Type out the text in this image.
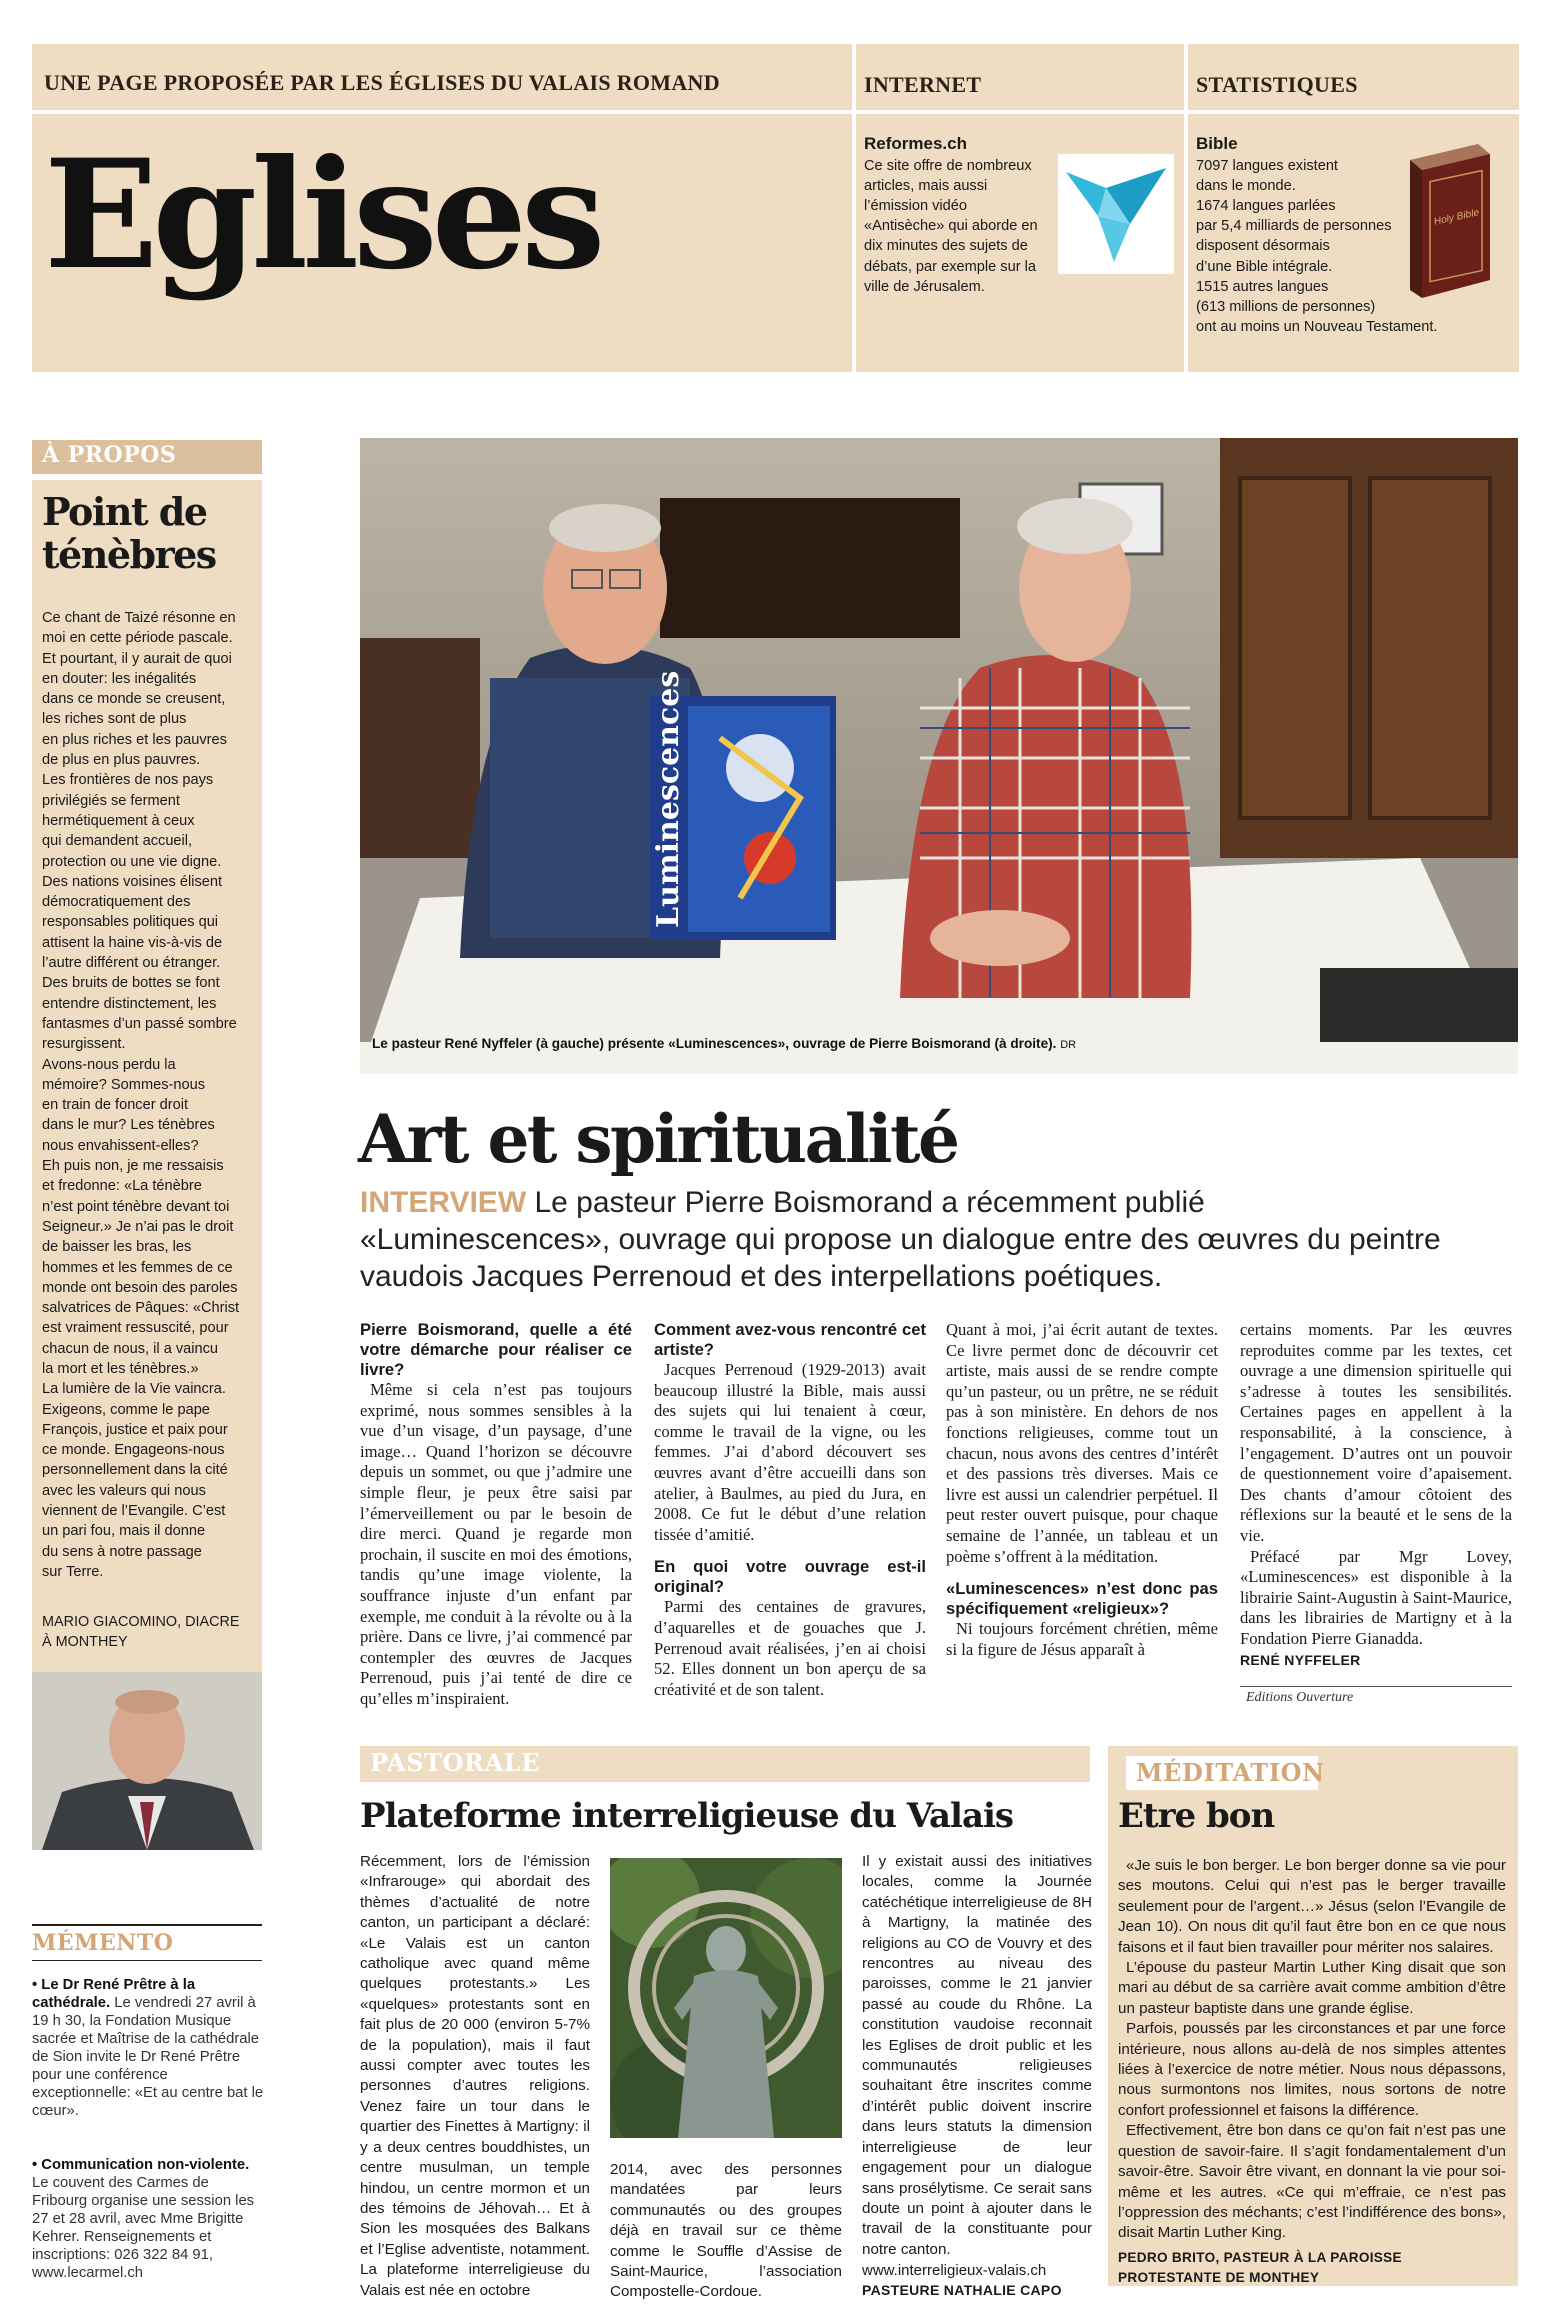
UNE PAGE PROPOSÉE PAR LES ÉGLISES DU VALAIS ROMAND	INTERNET	STATISTIQUES
Eglises	Reformes.ch
Ce site offre de nombreux articles, mais aussi l’émission vidéo «Antisèche» qui aborde en dix minutes des sujets de débats, par exemple sur la ville de Jérusalem.
Bible
7097 langues existent
dans le monde.
1674 langues parlées
par 5,4 milliards de personnes
disposent désormais
d’une Bible intégrale.
1515 autres langues
(613 millions de personnes)
ont au moins un Nouveau Testament.
Holy Bible
À PROPOS
Point de ténèbres
Ce chant de Taizé résonne en
moi en cette période pascale.
Et pourtant, il y aurait de quoi
en douter: les inégalités
dans ce monde se creusent,
les riches sont de plus
en plus riches et les pauvres
de plus en plus pauvres.
Les frontières de nos pays
privilégiés se ferment
hermétiquement à ceux
qui demandent accueil,
protection ou une vie digne.
Des nations voisines élisent
démocratiquement des
responsables politiques qui
attisent la haine vis-à-vis de
l’autre différent ou étranger.
Des bruits de bottes se font
entendre distinctement, les
fantasmes d’un passé sombre
resurgissent.
Avons-nous perdu la
mémoire? Sommes-nous
en train de foncer droit
dans le mur? Les ténèbres
nous envahissent-elles?
Eh puis non, je me ressaisis
et fredonne: «La ténèbre
n’est point ténèbre devant toi
Seigneur.» Je n’ai pas le droit
de baisser les bras, les
hommes et les femmes de ce
monde ont besoin des paroles
salvatrices de Pâques: «Christ
est vraiment ressuscité, pour
chacun de nous, il a vaincu
la mort et les ténèbres.»
La lumière de la Vie vaincra.
Exigeons, comme le pape
François, justice et paix pour
ce monde. Engageons-nous
personnellement dans la cité
avec les valeurs qui nous
viennent de l’Evangile. C’est
un pari fou, mais il donne
du sens à notre passage
sur Terre.
MARIO GIACOMINO, DIACRE
À MONTHEY
MÉMENTO
• Le Dr René Prêtre à la cathédrale. Le vendredi 27 avril à 19 h 30, la Fondation Musique sacrée et Maîtrise de la cathédrale de Sion invite le Dr René Prêtre pour une conférence exceptionnelle: «Et au centre bat le cœur».
• Communication non-violente. Le couvent des Carmes de Fribourg organise une session les 27 et 28 avril, avec Mme Brigitte Kehrer. Renseignements et inscriptions: 026 322 84 91, www.lecarmel.ch
Luminescences
Le pasteur René Nyffeler (à gauche) présente «Luminescences», ouvrage de Pierre Boismorand (à droite). DR
Art et spiritualité
INTERVIEW Le pasteur Pierre Boismorand a récemment publié «Luminescences», ouvrage qui propose un dialogue entre des œuvres du peintre vaudois Jacques Perrenoud et des interpellations poétiques.
Pierre Boismorand, quelle a été votre démarche pour réaliser ce livre?

Même si cela n’est pas toujours exprimé, nous sommes sensibles à la vue d’un visage, d’un paysage, d’une image… Quand l’horizon se découvre depuis un sommet, ou que j’admire une simple fleur, je peux être saisi par l’émerveillement ou par le besoin de dire merci. Quand je regarde mon prochain, il suscite en moi des émotions, tandis qu’une image violente, la souffrance injuste d’un enfant par exemple, me conduit à la révolte ou à la prière. Dans ce livre, j’ai commencé par contempler des œuvres de Jacques Perrenoud, puis j’ai tenté de dire ce qu’elles m’inspiraient.

Comment avez-vous rencontré cet artiste?

Jacques Perrenoud (1929-2013) avait beaucoup illustré la Bible, mais aussi des sujets qui lui tenaient à cœur, comme le travail de la vigne, ou les femmes. J’ai d’abord découvert ses œuvres avant d’être accueilli dans son atelier, à Baulmes, au pied du Jura, en 2008. Ce fut le début d’une relation tissée d’amitié.

En quoi votre ouvrage est-il original?

Parmi des centaines de gravures, d’aquarelles et de gouaches que J. Perrenoud avait réalisées, j’en ai choisi 52. Elles donnent un bon aperçu de sa créativité et de son talent.

Quant à moi, j’ai écrit autant de textes. Ce livre permet donc de découvrir cet artiste, mais aussi de se rendre compte qu’un pasteur, ou un prêtre, ne se réduit pas à son ministère. En dehors de nos fonctions religieuses, comme tout un chacun, nous avons des centres d’intérêt et des passions très diverses. Mais ce livre est aussi un calendrier perpétuel. Il peut rester ouvert puisque, pour chaque semaine de l’année, un tableau et un poème s’offrent à la méditation.

«Luminescences» n’est donc pas spécifiquement «religieux»?

Ni toujours forcément chrétien, même si la figure de Jésus apparaît à

certains moments. Par les œuvres reproduites comme par les textes, cet ouvrage a une dimension spirituelle qui s’adresse à toutes les sensibilités. Certaines pages en appellent à la responsabilité, à la conscience, à l’engagement. D’autres ont un pouvoir de questionnement voire d’apaisement. Des chants d’amour côtoient des réflexions sur la beauté et le sens de la vie.

Préfacé par Mgr Lovey, «Luminescences» est disponible à la librairie Saint-Augustin à Saint-Maurice, dans les librairies de Martigny et à la Fondation Pierre Gianadda.

RENÉ NYFFELER
Editions Ouverture
PASTORALE
Plateforme interreligieuse du Valais
Récemment, lors de l’émission «Infrarouge» qui abordait des thèmes d’actualité de notre canton, un participant a déclaré: «Le Valais est un canton catholique avec quand même quelques protestants.» Les «quelques» protestants sont en fait plus de 20 000 (environ 5-7% de la population), mais il faut aussi compter avec toutes les personnes d’autres religions. Venez faire un tour dans le quartier des Finettes à Martigny: il y a deux centres bouddhistes, un centre musulman, un temple hindou, un centre mormon et un des témoins de Jéhovah… Et à Sion les mosquées des Balkans et l’Eglise adventiste, notamment. La plateforme interreligieuse du Valais est née en octobre
2014, avec des personnes mandatées par leurs communautés ou des groupes déjà en travail sur ce thème comme le Souffle d’Assise de Saint-Maurice, l’association Compostelle-Cordoue.
Il y existait aussi des initiatives locales, comme la Journée catéchétique interreligieuse de 8H à Martigny, la matinée des religions au CO de Vouvry et des rencontres au niveau des paroisses, comme le 21 janvier passé au coude du Rhône. La constitution vaudoise reconnait les Eglises de droit public et les communautés religieuses souhaitant être inscrites comme d’intérêt public doivent inscrire dans leurs statuts la dimension interreligieuse de leur engagement pour un dialogue sans prosélytisme. Ce serait sans doute un point à ajouter dans le travail de la constituante pour notre canton.
www.interreligieux-valais.ch
PASTEURE NATHALIE CAPO
MÉDITATION
Etre bon
«Je suis le bon berger. Le bon berger donne sa vie pour ses moutons. Celui qui n’est pas le berger travaille seulement pour de l’argent…» Jésus (selon l’Evangile de Jean 10). On nous dit qu’il faut être bon en ce que nous faisons et il faut bien travailler pour mériter nos salaires.
L’épouse du pasteur Martin Luther King disait que son mari au début de sa carrière avait comme ambition d’être un pasteur baptiste dans une grande église.
Parfois, poussés par les circonstances et par une force intérieure, nous allons au-delà de nos simples attentes liées à l’exercice de notre métier. Nous nous dépassons, nous surmontons nos limites, nous sortons de notre confort professionnel et faisons la différence.
Effectivement, être bon dans ce qu’on fait n’est pas une question de savoir-faire. Il s’agit fondamentalement d’un savoir-être. Savoir être vivant, en donnant la vie pour soi-même et les autres. «Ce qui m’effraie, ce n’est pas l’oppression des méchants; c’est l’indifférence des bons», disait Martin Luther King.
PEDRO BRITO, PASTEUR À LA PAROISSE PROTESTANTE DE MONTHEY
